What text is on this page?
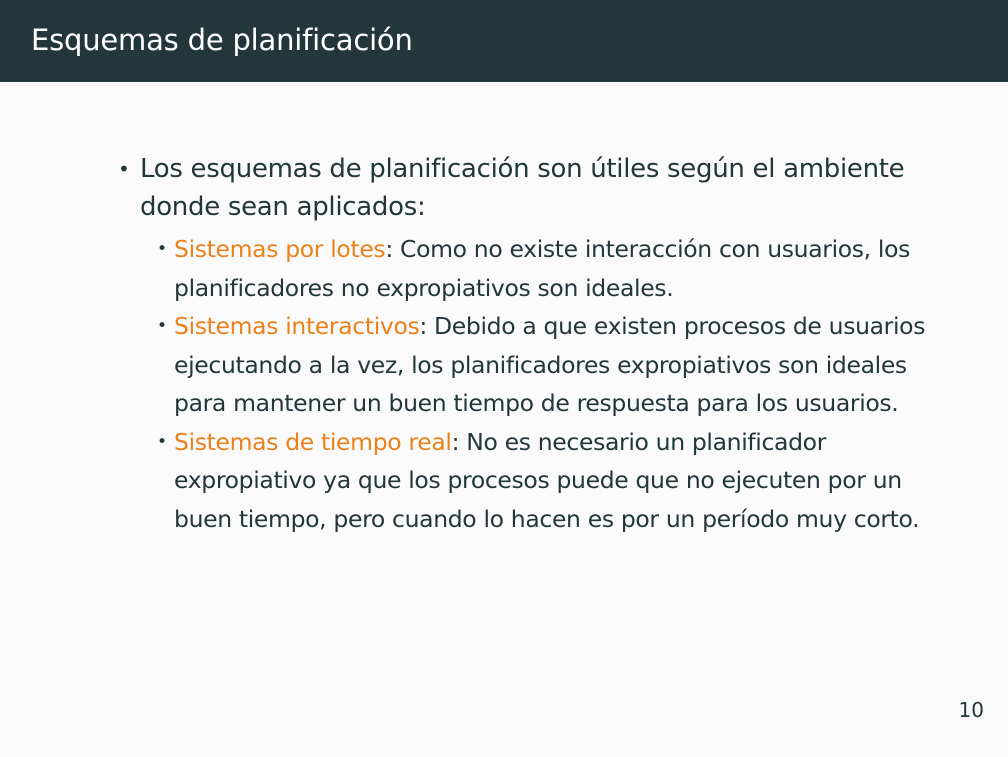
Esquemas de planificación
• Los esquemas de planificación son útiles según el ambiente donde sean aplicados:
• Sistemas por lotes: Como no existe interacción con usuarios, los planificadores no expropiativos son ideales.
• Sistemas interactivos: Debido a que existen procesos de usuarios ejecutando a la vez, los planificadores expropiativos son ideales para mantener un buen tiempo de respuesta para los usuarios.
• Sistemas de tiempo real: No es necesario un planificador expropiativo ya que los procesos puede que no ejecuten por un buen tiempo, pero cuando lo hacen es por un período muy corto.
10
